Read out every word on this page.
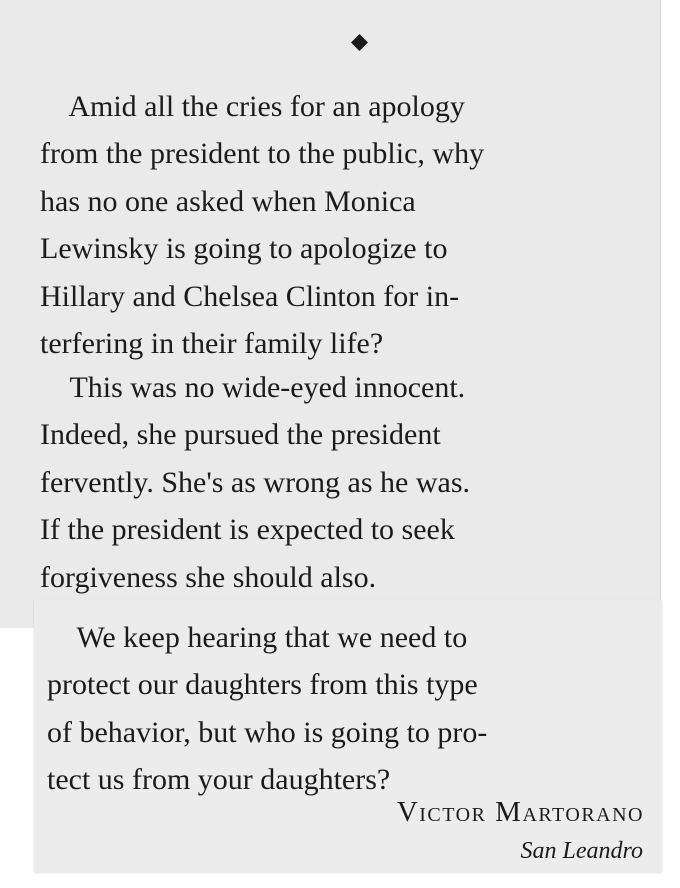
Amid all the cries for an apology
from the president to the public, why
has no one asked when Monica
Lewinsky is going to apologize to
Hillary and Chelsea Clinton for in-
terfering in their family life?

This was no wide-eyed innocent.
Indeed, she pursued the president
fervently. She's as wrong as he was.
If the president is expected to seek
forgiveness she should also.

We keep hearing that we need to
protect our daughters from this type
of behavior, but who is going to pro-
tect us from your daughters?

Victor Martorano
San Leandro
